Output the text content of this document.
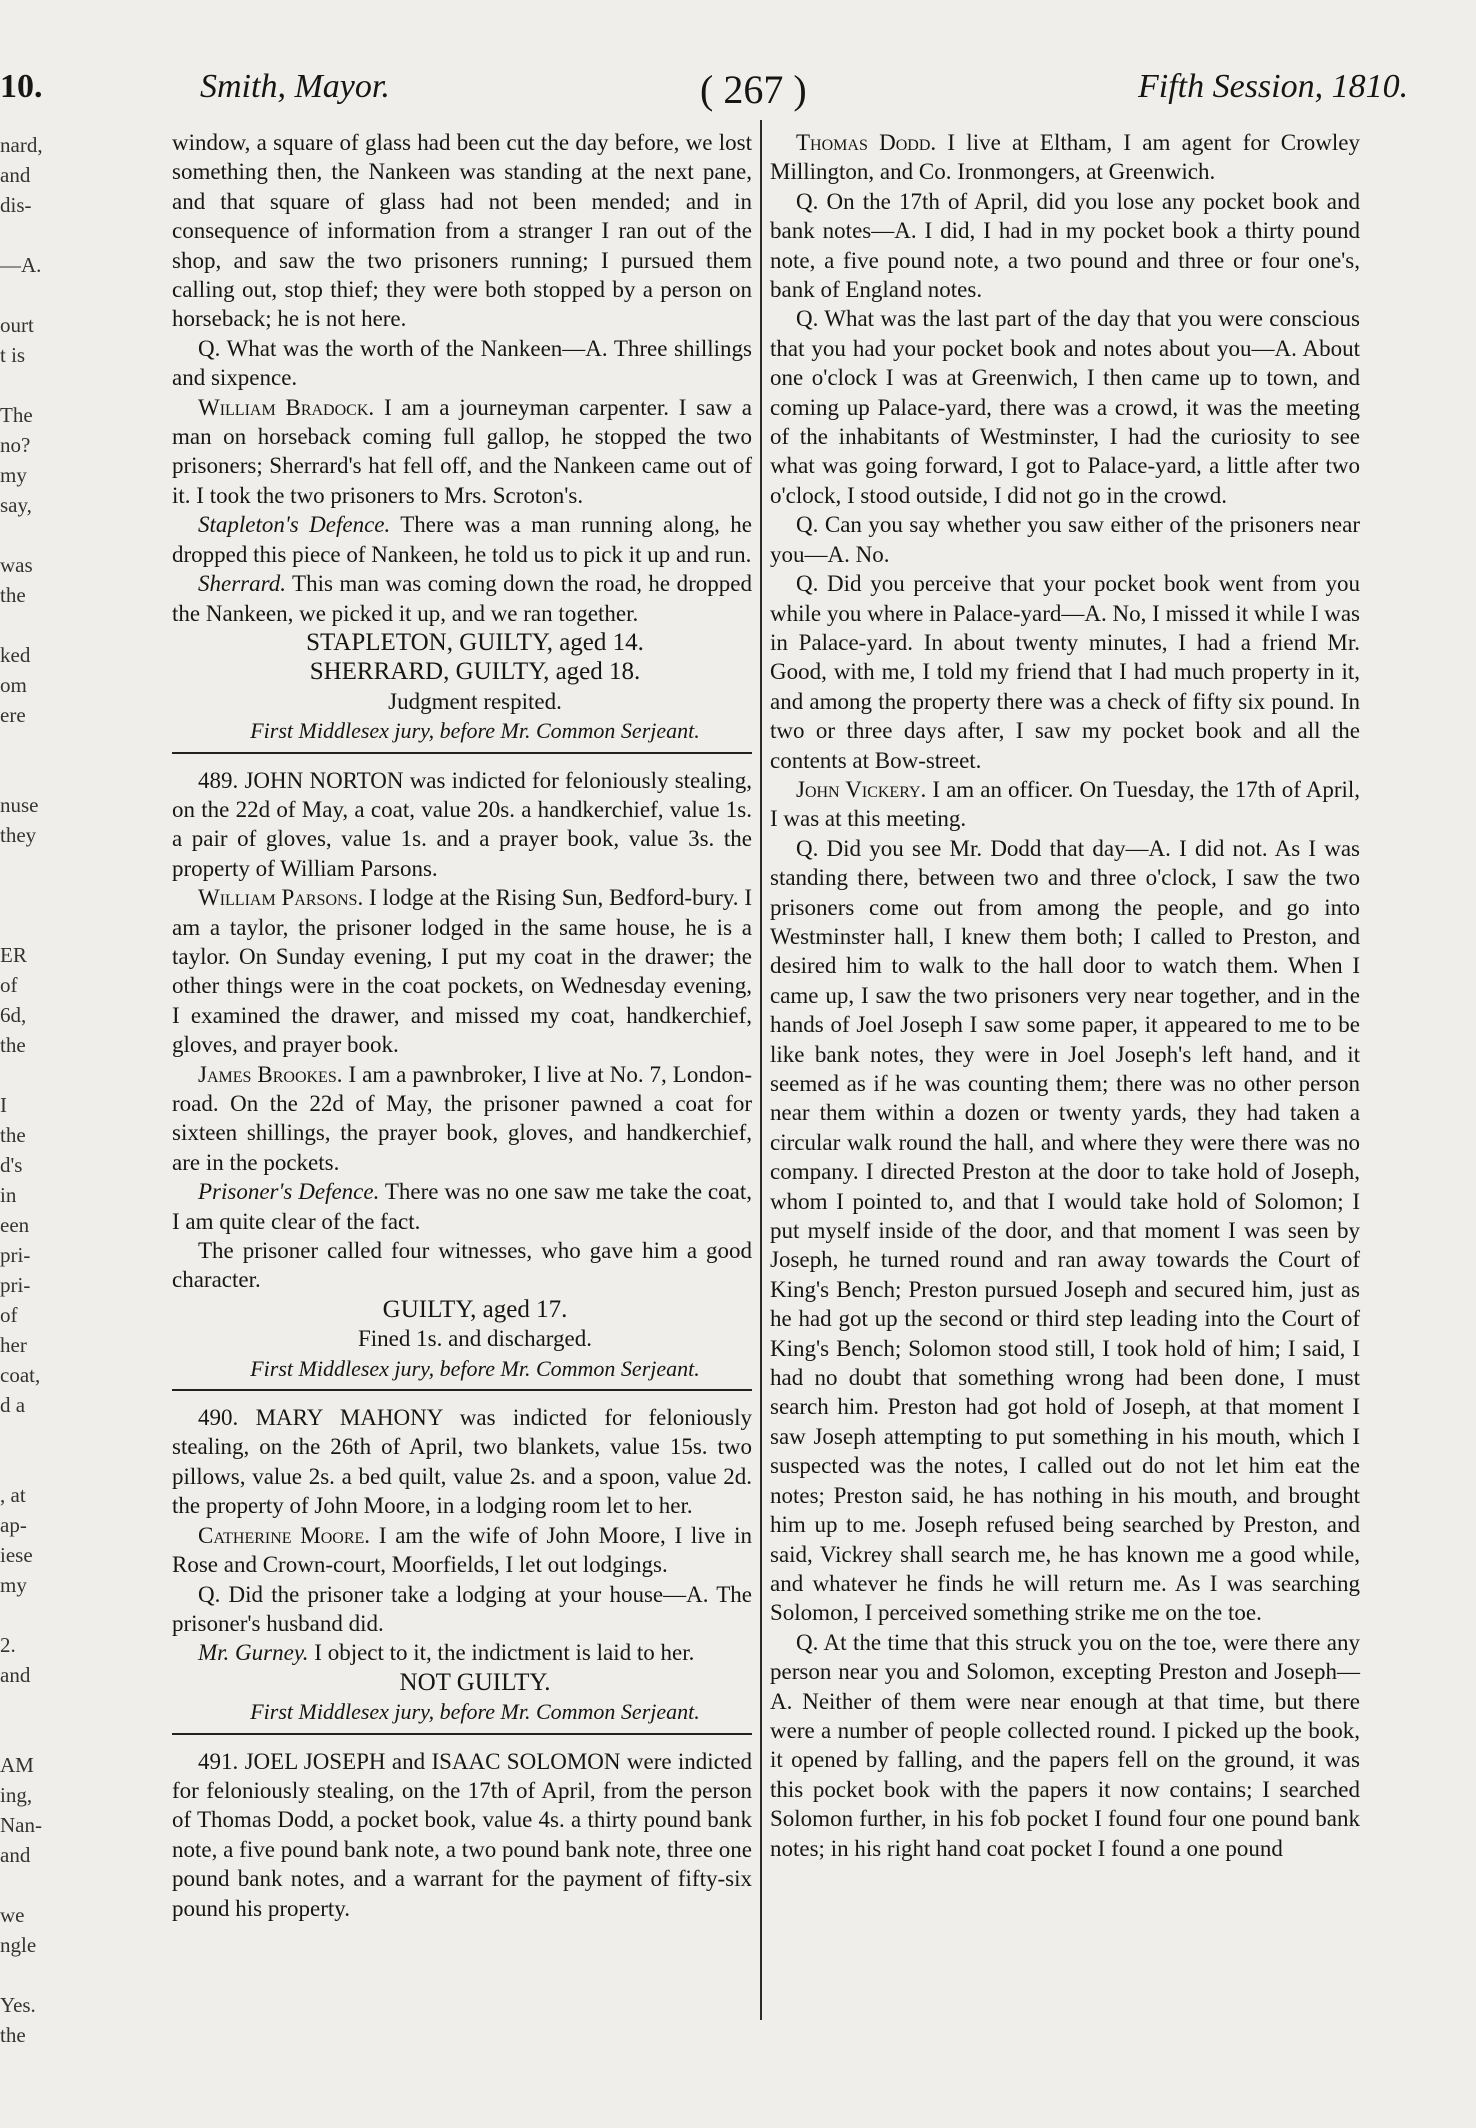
10.	Smith, Mayor.	( 267 )	Fifth Session, 1810.
nard,
and
dis-
—A.
ourt
t is
The
no?
my
say,
was
the
ked
om
ere
nuse
they
ER
of
6d,
the
I
the
d's
in
een
pri-
pri-
of
her
coat,
d a
, at
ap-
iese
my
2.
and
AM
ing,
Nan-
and
we
ngle
Yes.
the

window, a square of glass had been cut the day before, we lost something then, the Nankeen was standing at the next pane, and that square of glass had not been mended; and in consequence of information from a stranger I ran out of the shop, and saw the two prisoners running; I pursued them calling out, stop thief; they were both stopped by a person on horseback; he is not here.

Q. What was the worth of the Nankeen—A. Three shillings and sixpence.

William Bradock. I am a journeyman carpenter. I saw a man on horseback coming full gallop, he stopped the two prisoners; Sherrard's hat fell off, and the Nankeen came out of it. I took the two prisoners to Mrs. Scroton's.

Stapleton's Defence. There was a man running along, he dropped this piece of Nankeen, he told us to pick it up and run.

Sherrard. This man was coming down the road, he dropped the Nankeen, we picked it up, and we ran together.

STAPLETON, GUILTY, aged 14.

SHERRARD, GUILTY, aged 18.

Judgment respited.

First Middlesex jury, before Mr. Common Serjeant.

489. JOHN NORTON was indicted for feloniously stealing, on the 22d of May, a coat, value 20s. a handkerchief, value 1s. a pair of gloves, value 1s. and a prayer book, value 3s. the property of William Parsons.

William Parsons. I lodge at the Rising Sun, Bedford-bury. I am a taylor, the prisoner lodged in the same house, he is a taylor. On Sunday evening, I put my coat in the drawer; the other things were in the coat pockets, on Wednesday evening, I examined the drawer, and missed my coat, handkerchief, gloves, and prayer book.

James Brookes. I am a pawnbroker, I live at No. 7, London-road. On the 22d of May, the prisoner pawned a coat for sixteen shillings, the prayer book, gloves, and handkerchief, are in the pockets.

Prisoner's Defence. There was no one saw me take the coat, I am quite clear of the fact.

The prisoner called four witnesses, who gave him a good character.

GUILTY, aged 17.

Fined 1s. and discharged.

First Middlesex jury, before Mr. Common Serjeant.

490. MARY MAHONY was indicted for feloniously stealing, on the 26th of April, two blankets, value 15s. two pillows, value 2s. a bed quilt, value 2s. and a spoon, value 2d. the property of John Moore, in a lodging room let to her.

Catherine Moore. I am the wife of John Moore, I live in Rose and Crown-court, Moorfields, I let out lodgings.

Q. Did the prisoner take a lodging at your house—A. The prisoner's husband did.

Mr. Gurney. I object to it, the indictment is laid to her.

NOT GUILTY.

First Middlesex jury, before Mr. Common Serjeant.

491. JOEL JOSEPH and ISAAC SOLOMON were indicted for feloniously stealing, on the 17th of April, from the person of Thomas Dodd, a pocket book, value 4s. a thirty pound bank note, a five pound bank note, a two pound bank note, three one pound bank notes, and a warrant for the payment of fifty-six pound his property.

Thomas Dodd. I live at Eltham, I am agent for Crowley Millington, and Co. Ironmongers, at Greenwich.

Q. On the 17th of April, did you lose any pocket book and bank notes—A. I did, I had in my pocket book a thirty pound note, a five pound note, a two pound and three or four one's, bank of England notes.

Q. What was the last part of the day that you were conscious that you had your pocket book and notes about you—A. About one o'clock I was at Greenwich, I then came up to town, and coming up Palace-yard, there was a crowd, it was the meeting of the inhabitants of Westminster, I had the curiosity to see what was going forward, I got to Palace-yard, a little after two o'clock, I stood outside, I did not go in the crowd.

Q. Can you say whether you saw either of the prisoners near you—A. No.

Q. Did you perceive that your pocket book went from you while you where in Palace-yard—A. No, I missed it while I was in Palace-yard. In about twenty minutes, I had a friend Mr. Good, with me, I told my friend that I had much property in it, and among the property there was a check of fifty six pound. In two or three days after, I saw my pocket book and all the contents at Bow-street.

John Vickery. I am an officer. On Tuesday, the 17th of April, I was at this meeting.

Q. Did you see Mr. Dodd that day—A. I did not. As I was standing there, between two and three o'clock, I saw the two prisoners come out from among the people, and go into Westminster hall, I knew them both; I called to Preston, and desired him to walk to the hall door to watch them. When I came up, I saw the two prisoners very near together, and in the hands of Joel Joseph I saw some paper, it appeared to me to be like bank notes, they were in Joel Joseph's left hand, and it seemed as if he was counting them; there was no other person near them within a dozen or twenty yards, they had taken a circular walk round the hall, and where they were there was no company. I directed Preston at the door to take hold of Joseph, whom I pointed to, and that I would take hold of Solomon; I put myself inside of the door, and that moment I was seen by Joseph, he turned round and ran away towards the Court of King's Bench; Preston pursued Joseph and secured him, just as he had got up the second or third step leading into the Court of King's Bench; Solomon stood still, I took hold of him; I said, I had no doubt that something wrong had been done, I must search him. Preston had got hold of Joseph, at that moment I saw Joseph attempting to put something in his mouth, which I suspected was the notes, I called out do not let him eat the notes; Preston said, he has nothing in his mouth, and brought him up to me. Joseph refused being searched by Preston, and said, Vickrey shall search me, he has known me a good while, and whatever he finds he will return me. As I was searching Solomon, I perceived something strike me on the toe.

Q. At the time that this struck you on the toe, were there any person near you and Solomon, excepting Preston and Joseph—A. Neither of them were near enough at that time, but there were a number of people collected round. I picked up the book, it opened by falling, and the papers fell on the ground, it was this pocket book with the papers it now contains; I searched Solomon further, in his fob pocket I found four one pound bank notes; in his right hand coat pocket I found a one pound
